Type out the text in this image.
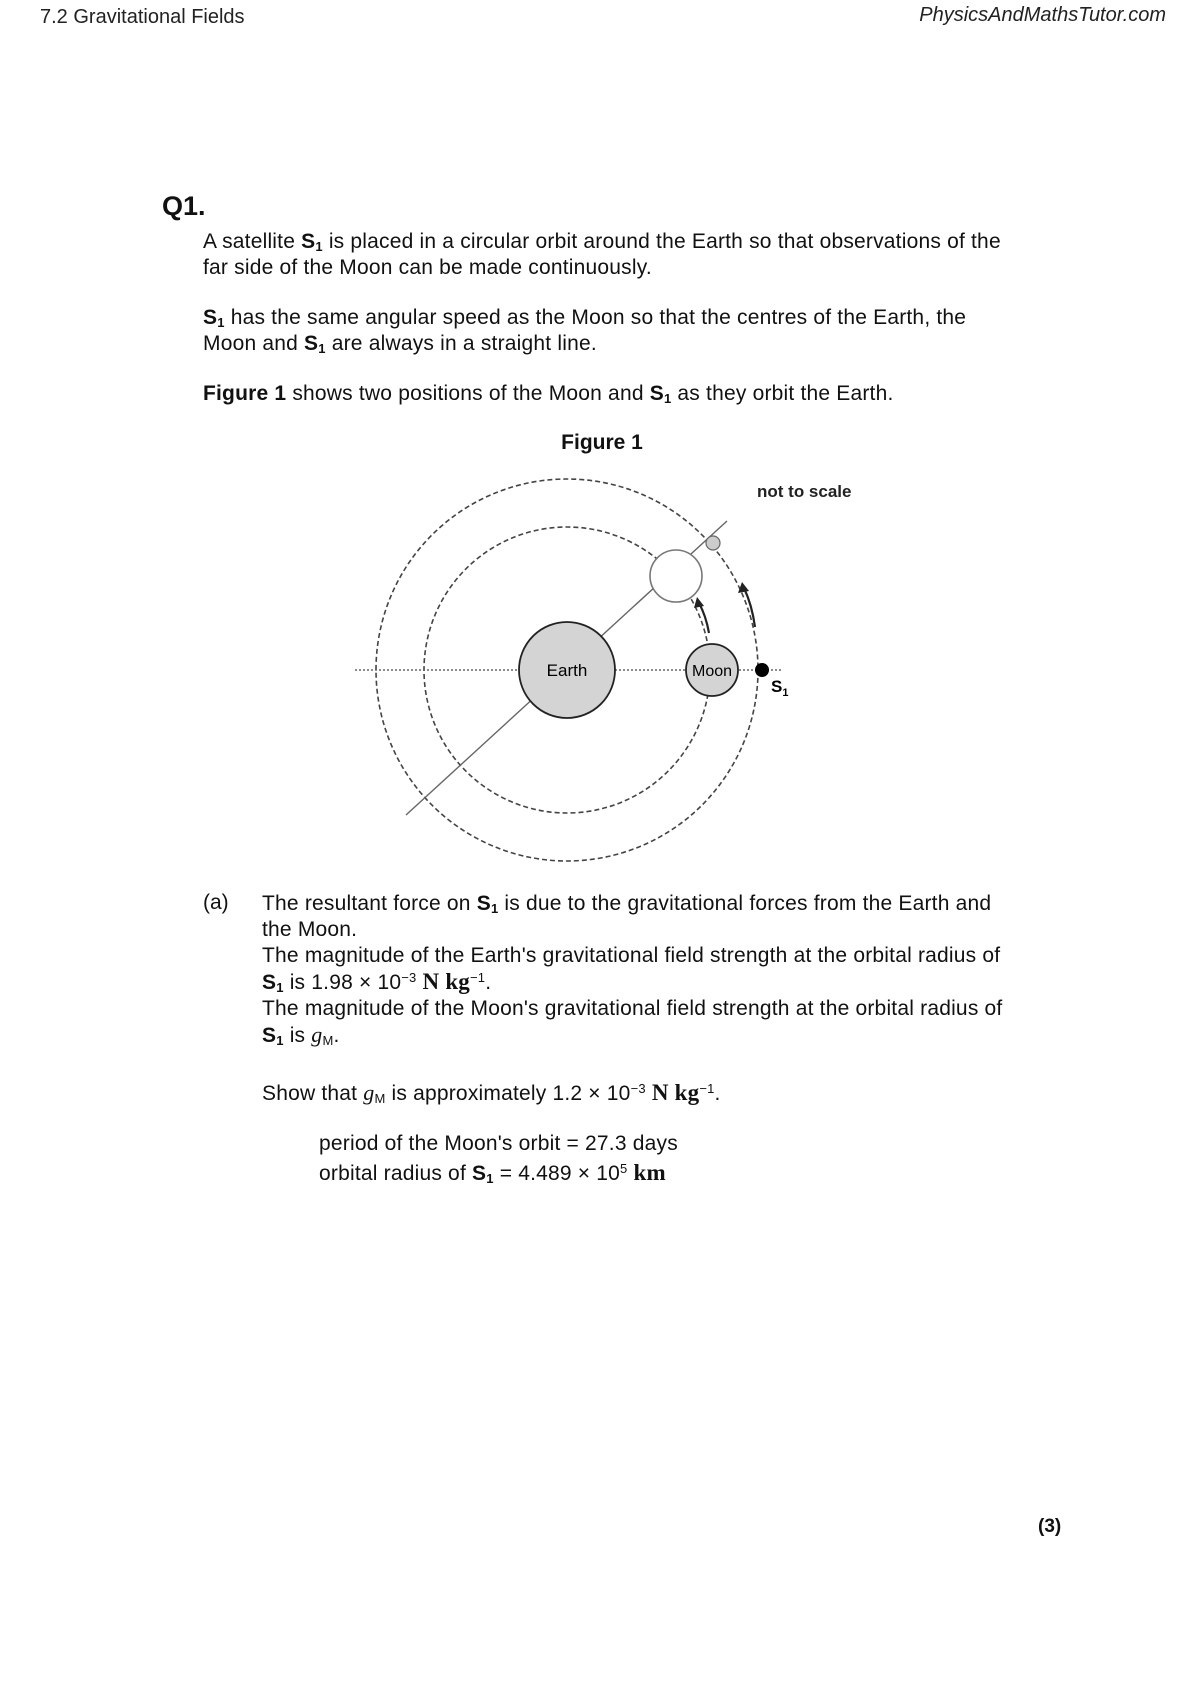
7.2 Gravitational Fields	PhysicsAndMathsTutor.com
Q1.
A satellite $S_1$ is placed in a circular orbit around the Earth so that observations of the far side of the Moon can be made continuously.
$S_1$ has the same angular speed as the Moon so that the centres of the Earth, the Moon and $S_1$ are always in a straight line.
Figure 1 shows two positions of the Moon and $S_1$ as they orbit the Earth.
Figure 1
Earth	Moon
$S_1$
not to scale
(a) The resultant force on $S_1$ is due to the gravitational forces from the Earth and the Moon.
The magnitude of the Earth's gravitational field strength at the orbital radius of $S_1$ is $1.98 \times 10^{-3}$ N $kg^{-1}$.
The magnitude of the Moon's gravitational field strength at the orbital radius of $S_1$ is $g_M$.
Show that $g_M$ is approximately $1.2 \times 10^{-3}$ N $kg^{-1}$.
period of the Moon's orbit = 27.3 days
orbital radius of $S_1 = 4.489 \times 10^5$ km
(3)
